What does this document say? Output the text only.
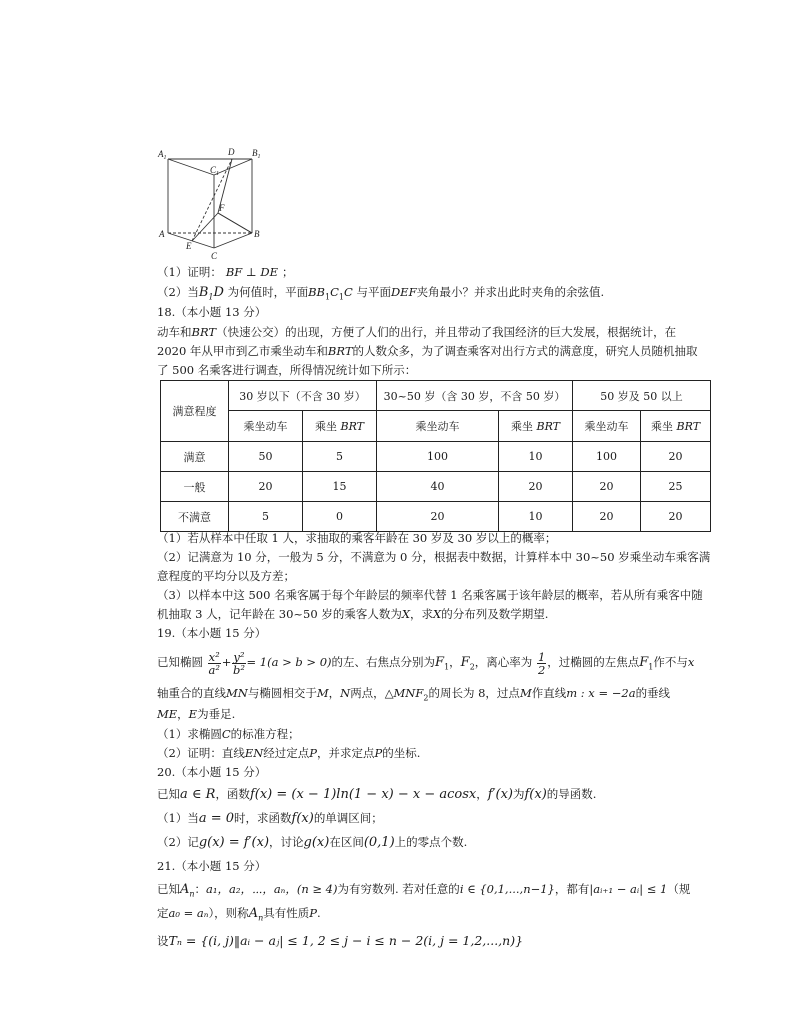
$A_1$
D $B_1$
$C_1$
F
A	B
E
C
（1）证明： BF ⊥ DE ；
（2）当$B_1D$ 为何值时，平面$BB_1C_1C$ 与平面DEF夹角最小？并求出此时夹角的余弦值.
18.（本小题 13 分）
动车和BRT（快速公交）的出现，方便了人们的出行，并且带动了我国经济的巨大发展，根据统计，在
2020 年从甲市到乙市乘坐动车和BRT的人数众多，为了调查乘客对出行方式的满意度，研究人员随机抽取
了 500 名乘客进行调查，所得情况统计如下所示：
满意程度	30 岁以下（不含 30 岁）		30~50 岁（含 30 岁，不含 50 岁）		50 岁及 50 以上	
	乘坐动车	乘坐 BRT	乘坐动车	乘坐 BRT	乘坐动车	乘坐 BRT
满意	50	5	100	10	100	20
一般	20	15	40	20	20	25
不满意	5	0	20	10	20	20
（1）若从样本中任取 1 人，求抽取的乘客年龄在 30 岁及 30 岁以上的概率；
（2）记满意为 10 分，一般为 5 分，不满意为 0 分，根据表中数据，计算样本中 30~50 岁乘坐动车乘客满
意程度的平均分以及方差；
（3）以样本中这 500 名乘客属于每个年龄层的频率代替 1 名乘客属于该年龄层的概率，若从所有乘客中随
机抽取 3 人，记年龄在 30~50 岁的乘客人数为X，求X的分布列及数学期望.
19.（本小题 15 分）
已知椭圆 $\frac{\text{x²}}{\text{a²}} + \frac{\text{y²}}{\text{b²}} = 1(a > b > 0)$的左、右焦点分别为$F_1$，$F_2$，离心率为 $\frac{1}{2}$ ，过椭圆的左焦点$F_1$作不与x
轴重合的直线MN与椭圆相交于M，N两点，$\triangle MNF_2$的周长为 8，过点M作直线m : x = −2a的垂线
ME，E为垂足.
（1）求椭圆C的标准方程；
（2）证明：直线EN经过定点P，并求定点P的坐标.
20.（本小题 15 分）
已知a ∈ R，函数f(x) = (x − 1)ln(1 − x) − x − acosx，f′(x)为f(x)的导函数.
（1）当a = 0时，求函数f(x)的单调区间；
（2）记g(x) = f′(x)，讨论g(x)在区间(0,1)上的零点个数.
21.（本小题 15 分）
已知$A_n$：a₁，a₂，⋯，aₙ，(n ≥ 4)为有穷数列. 若对任意的i ∈ {0,1,...,n−1}，都有|aᵢ₊₁ − aᵢ| ≤ 1（规
定a₀ = aₙ），则称$A_n$具有性质P.
设Tₙ = {(i, j)‖aᵢ − aⱼ| ≤ 1, 2 ≤ j − i ≤ n − 2(i, j = 1,2,...,n)}
